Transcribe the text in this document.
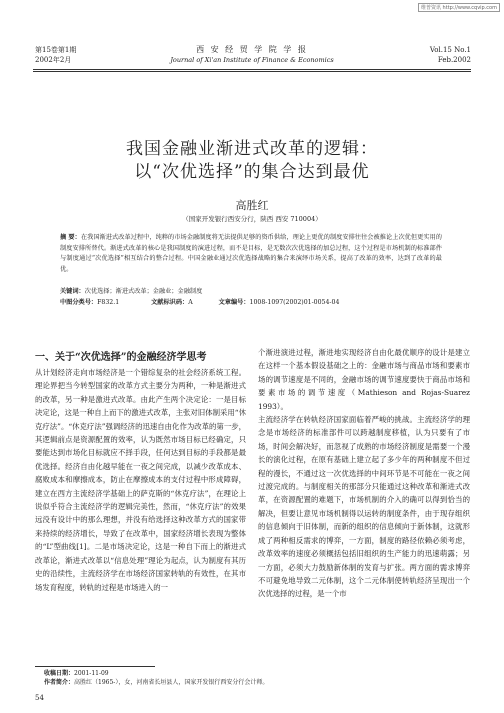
维普资讯 http://www.cqvip.com
第15卷第1期
2002年2月
西 安 经 贸 学 院 学 报
Journal of Xi'an Institute of Finance & Economics
Vol.15 No.1
Feb.2002
我国金融业渐进式改革的逻辑：
以“次优选择”的集合达到最优
高胜红
（国家开发银行西安分行，陕西 西安 710004）
摘 要：在我国渐进式改革过程中，纯粹的市场金融制度将无法提供足够的资币供给，理论上更优的制度安排往往会被推论上次优但更实用的制度安排所替代。渐进式改革的核心是我国制度的演进过程，而不是目标，是无数次次优选择的加总过程，这个过程是市场机制的标准部件与制度通过“次优选择”相互结合的整合过程。中国金融业通过次优选择战略的集合来演绎市场关系，提高了改革的效率，达到了改革的最优。
关键词：次优选择；渐进式改革；金融业；金融制度
中图分类号：F832.1	文献标识码：A	文章编号：1008-1097(2002)01-0054-04
一、关于“次优选择”的金融经济学思考
从计划经济走向市场经济是一个错综复杂的社会经济系统工程。理论界把当今转型国家的改革方式主要分为两种，一种是渐进式的改革，另一种是激进式改革。由此产生两个决定论：一是目标决定论，这是一种自上而下的激进式改革，主张对旧体制采用“休克疗法”。“休克疗法”强调经济的迅速自由化作为改革的第一步，其逻辑前点是资源配置的效率，认为既然市场目标已经确定，只要能达到市场化目标就应不择手段，任何达到目标的手段都是最优选择。经济自由化越早能在一夜之间完成，以减少改革成本、腐败成本和摩擦成本，防止在摩擦成本的支付过程中形成障碍，建立在西方主流经济学基础上的萨克斯的“休克疗法”，在理论上说似乎符合主流经济学的逻辑完美性，然而，“休克疗法”的效果远没有设计中的那么理想，并没有给选择这种改革方式的国家带来持续的经济增长，导致了在改革中，国家经济增长表现为整体的“L”型曲线[1]。二是市场决定论，这是一种自下而上的渐进式改革论，渐进式改革以“信息处理”理论为起点，认为制度有其历史的沿续性，主流经济学在市场经济国家转轨的有效性，在其市场发育程度，转轨的过程是市场进入的一
个渐进演进过程，渐进地实现经济自由化最优顺序的设计是建立在这样一个基本假设基础之上的：金融市场与商品市场和要素市场的调节速度是不同的，金融市场的调节速度要快于商品市场和要素市场的调节速度（Mathieson and Rojas-Suarez 1993）。
主流经济学在转轨经济国家面临着严峻的挑战。主流经济学的理念是市场经济的标准部件可以跨越制度移植，认为只要有了市场，时间会解决好，而忽视了成熟的市场经济制度是需要一个漫长的演化过程，在原有基础上建立起了多少年的两种制度不但过程的漫长，不通过这一次优选择的中间环节是不可能在一夜之间过渡完成的。与制度相关的那部分只能通过这种改革和渐进式改革，在资源配置的难题下，市场机制的介入的确可以得到恰当的解决，但要让意见市场机制得以运转的制度条件，由于现存组织的信息倾向于旧体制，而新的组织的信息倾向于新体制，这就形成了两种相反需求的博弈，一方面，制度的路径依赖必须考虑，改革效率的速度必须概括包括旧组织的生产能力的迅速萌露；另一方面，必须大力鼓励新体制的发育与扩张。两方面的需求博弈不可避免地导致二元体制，这个二元体制使转轨经济呈现出一个次优选择的过程，是一个市
收稿日期：2001-11-09
作者简介：高胜红（1965-），女，河南省长垣县人，国家开发银行西安分行会计师。
54
